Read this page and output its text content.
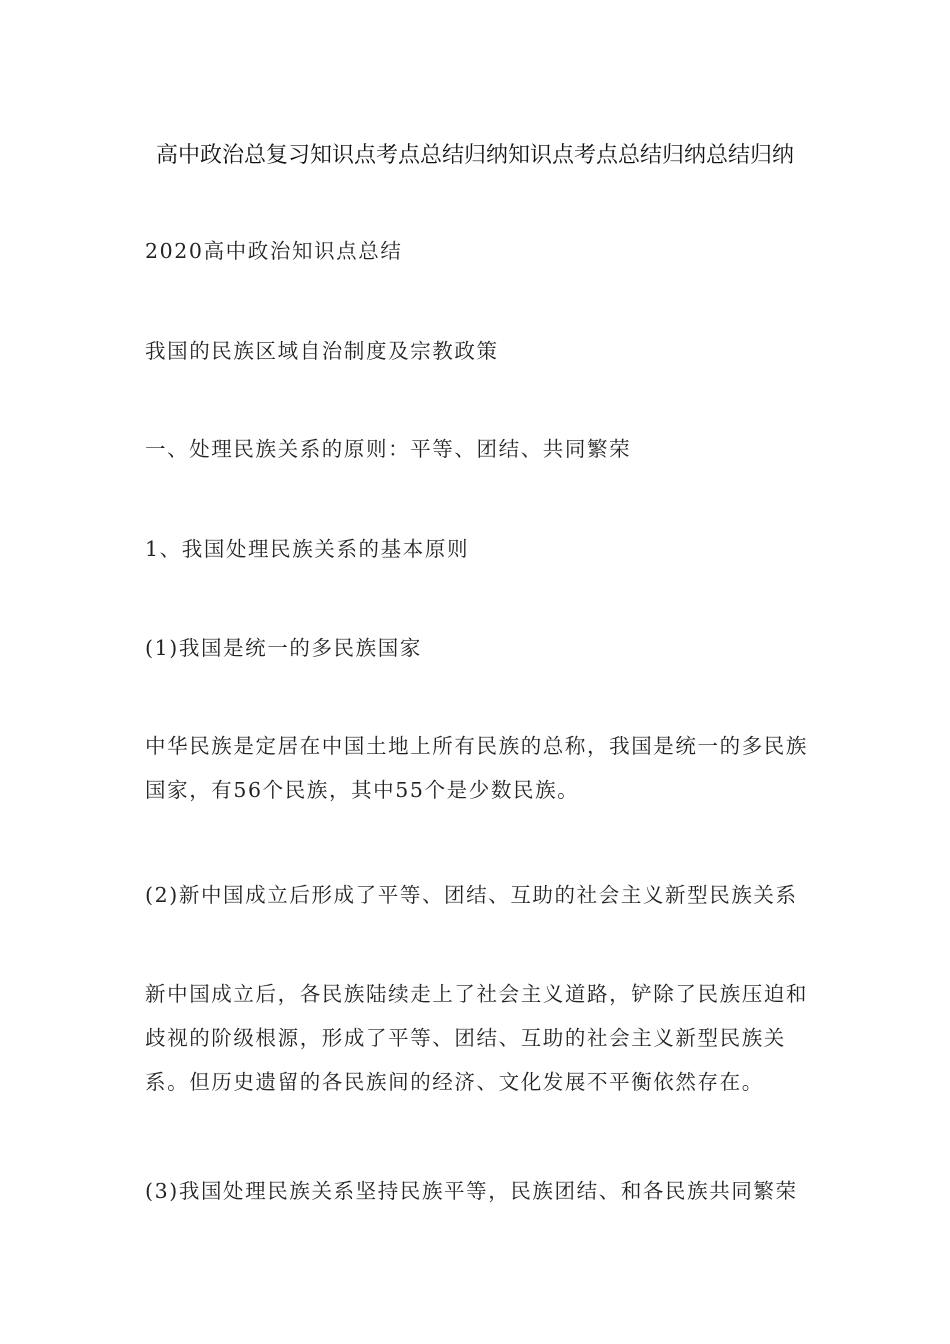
高中政治总复习知识点考点总结归纳知识点考点总结归纳总结归纳
2020高中政治知识点总结
我国的民族区域自治制度及宗教政策
一、处理民族关系的原则：平等、团结、共同繁荣
1、我国处理民族关系的基本原则
(1)我国是统一的多民族国家
中华民族是定居在中国土地上所有民族的总称，我国是统一的多民族国家，有56个民族，其中55个是少数民族。
(2)新中国成立后形成了平等、团结、互助的社会主义新型民族关系
新中国成立后，各民族陆续走上了社会主义道路，铲除了民族压迫和歧视的阶级根源，形成了平等、团结、互助的社会主义新型民族关系。但历史遗留的各民族间的经济、文化发展不平衡依然存在。
(3)我国处理民族关系坚持民族平等，民族团结、和各民族共同繁荣
